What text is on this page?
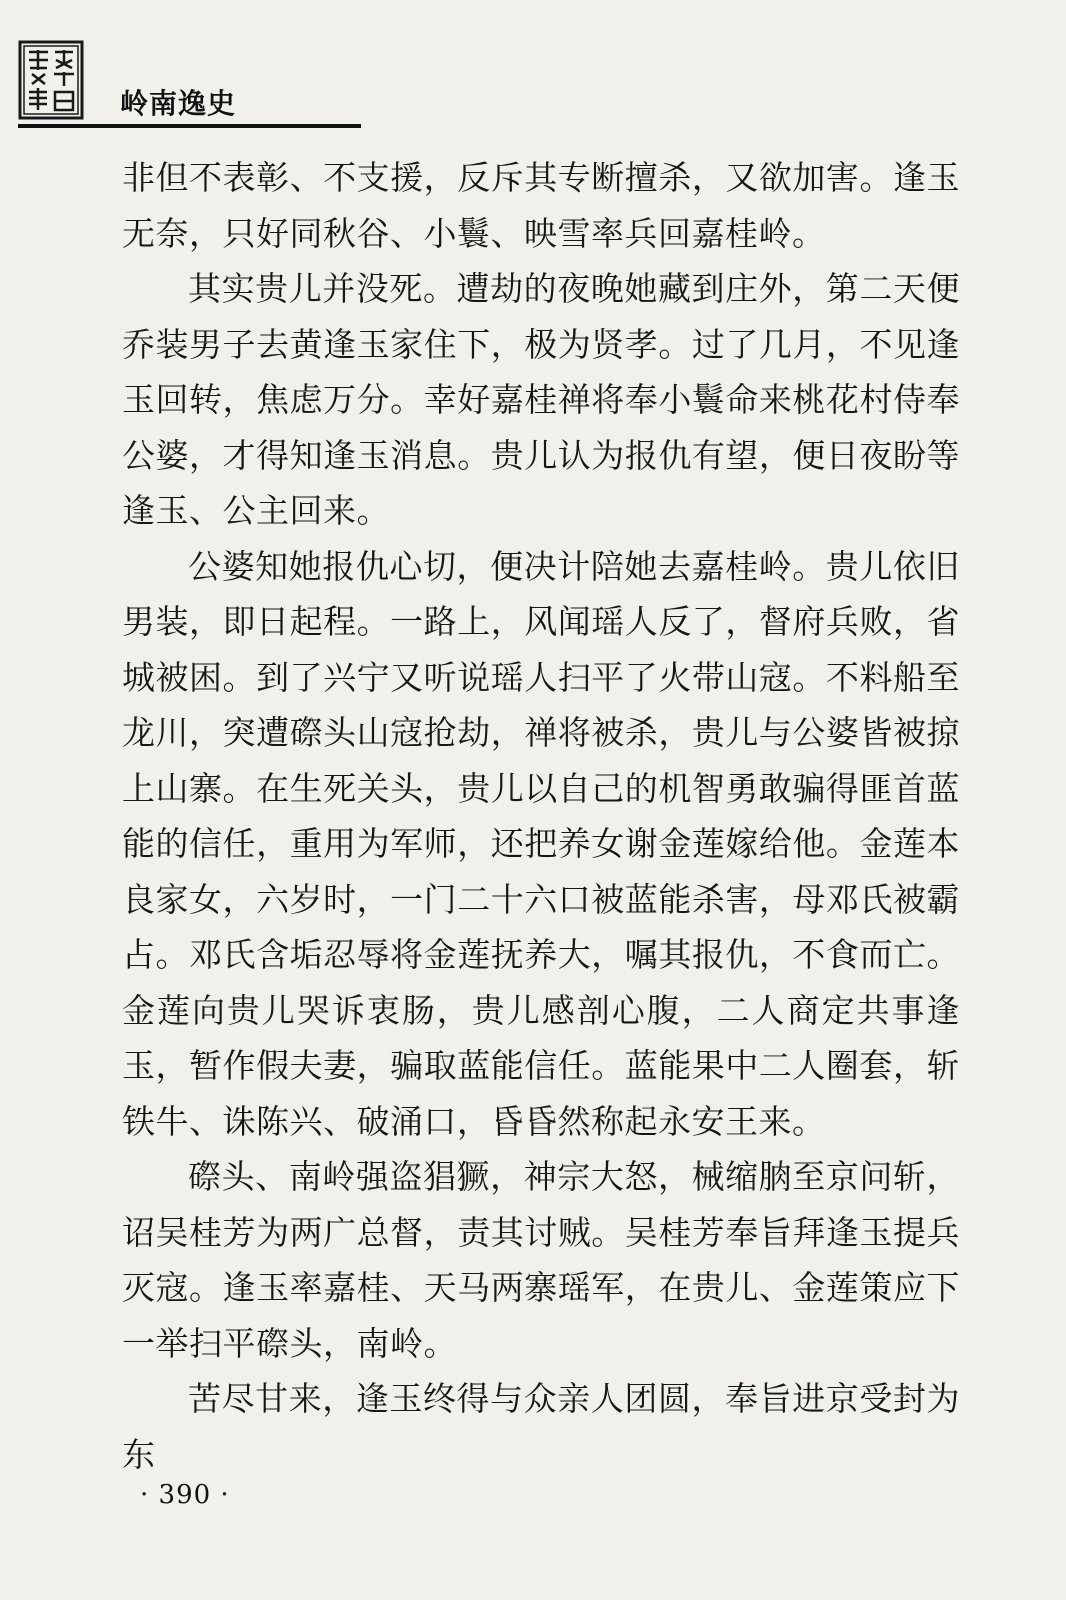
岭南逸史

非但不表彰、不支援，反斥其专断擅杀，又欲加害。逢玉无奈，只好同秋谷、小鬟、映雪率兵回嘉桂岭。

其实贵儿并没死。遭劫的夜晚她藏到庄外，第二天便乔装男子去黄逢玉家住下，极为贤孝。过了几月，不见逢玉回转，焦虑万分。幸好嘉桂禅将奉小鬟命来桃花村侍奉公婆，才得知逢玉消息。贵儿认为报仇有望，便日夜盼等逢玉、公主回来。

公婆知她报仇心切，便决计陪她去嘉桂岭。贵儿依旧男装，即日起程。一路上，风闻瑶人反了，督府兵败，省城被困。到了兴宁又听说瑶人扫平了火带山寇。不料船至龙川，突遭磜头山寇抢劫，禅将被杀，贵儿与公婆皆被掠上山寨。在生死关头，贵儿以自己的机智勇敢骗得匪首蓝能的信任，重用为军师，还把养女谢金莲嫁给他。金莲本良家女，六岁时，一门二十六口被蓝能杀害，母邓氏被霸占。邓氏含垢忍辱将金莲抚养大，嘱其报仇，不食而亡。金莲向贵儿哭诉衷肠，贵儿感剖心腹，二人商定共事逢玉，暂作假夫妻，骗取蓝能信任。蓝能果中二人圈套，斩铁牛、诛陈兴、破涌口，昏昏然称起永安王来。

磜头、南岭强盗猖獗，神宗大怒，械缩朒至京问斩，诏吴桂芳为两广总督，责其讨贼。吴桂芳奉旨拜逢玉提兵灭寇。逢玉率嘉桂、天马两寨瑶军，在贵儿、金莲策应下一举扫平磜头，南岭。

苦尽甘来，逢玉终得与众亲人团圆，奉旨进京受封为东

· 390 ·
